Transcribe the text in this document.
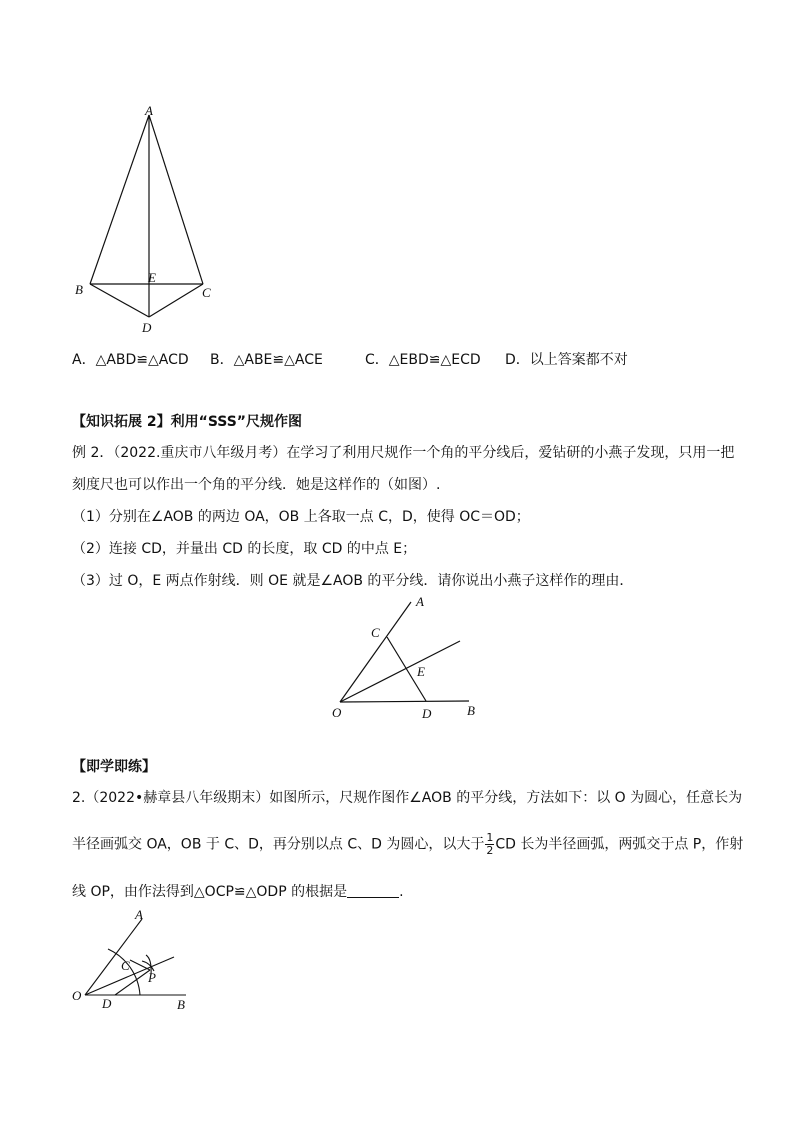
A
B	C
D
E
A．△ABD≌△ACD B．△ABE≌△ACE	C．△EBD≌△ECD D．以上答案都不对
【知识拓展 2】利用“SSS”尺规作图
例 2．（2022.重庆市八年级月考）在学习了利用尺规作一个角的平分线后，爱钻研的小燕子发现，只用一把
刻度尺也可以作出一个角的平分线．她是这样作的（如图）.
（1）分别在∠AOB 的两边 OA，OB 上各取一点 C，D，使得 OC＝OD；
（2）连接 CD，并量出 CD 的长度，取 CD 的中点 E；
（3）过 O，E 两点作射线．则 OE 就是∠AOB 的平分线．请你说出小燕子这样作的理由．
A
C
E
O	D	B
【即学即练】
2.（2022•赫章县八年级期末）如图所示，尺规作图作∠AOB 的平分线，方法如下：以 O 为圆心，任意长为
半径画弧交 OA，OB 于 C、D，再分别以点 C、D 为圆心，以大于 $\frac{1}{2}$ CD 长为半径画弧，两弧交于点 P，作射
线 OP，由作法得到△OCP≌△ODP 的根据是	.
A
C
P
O
D	B
